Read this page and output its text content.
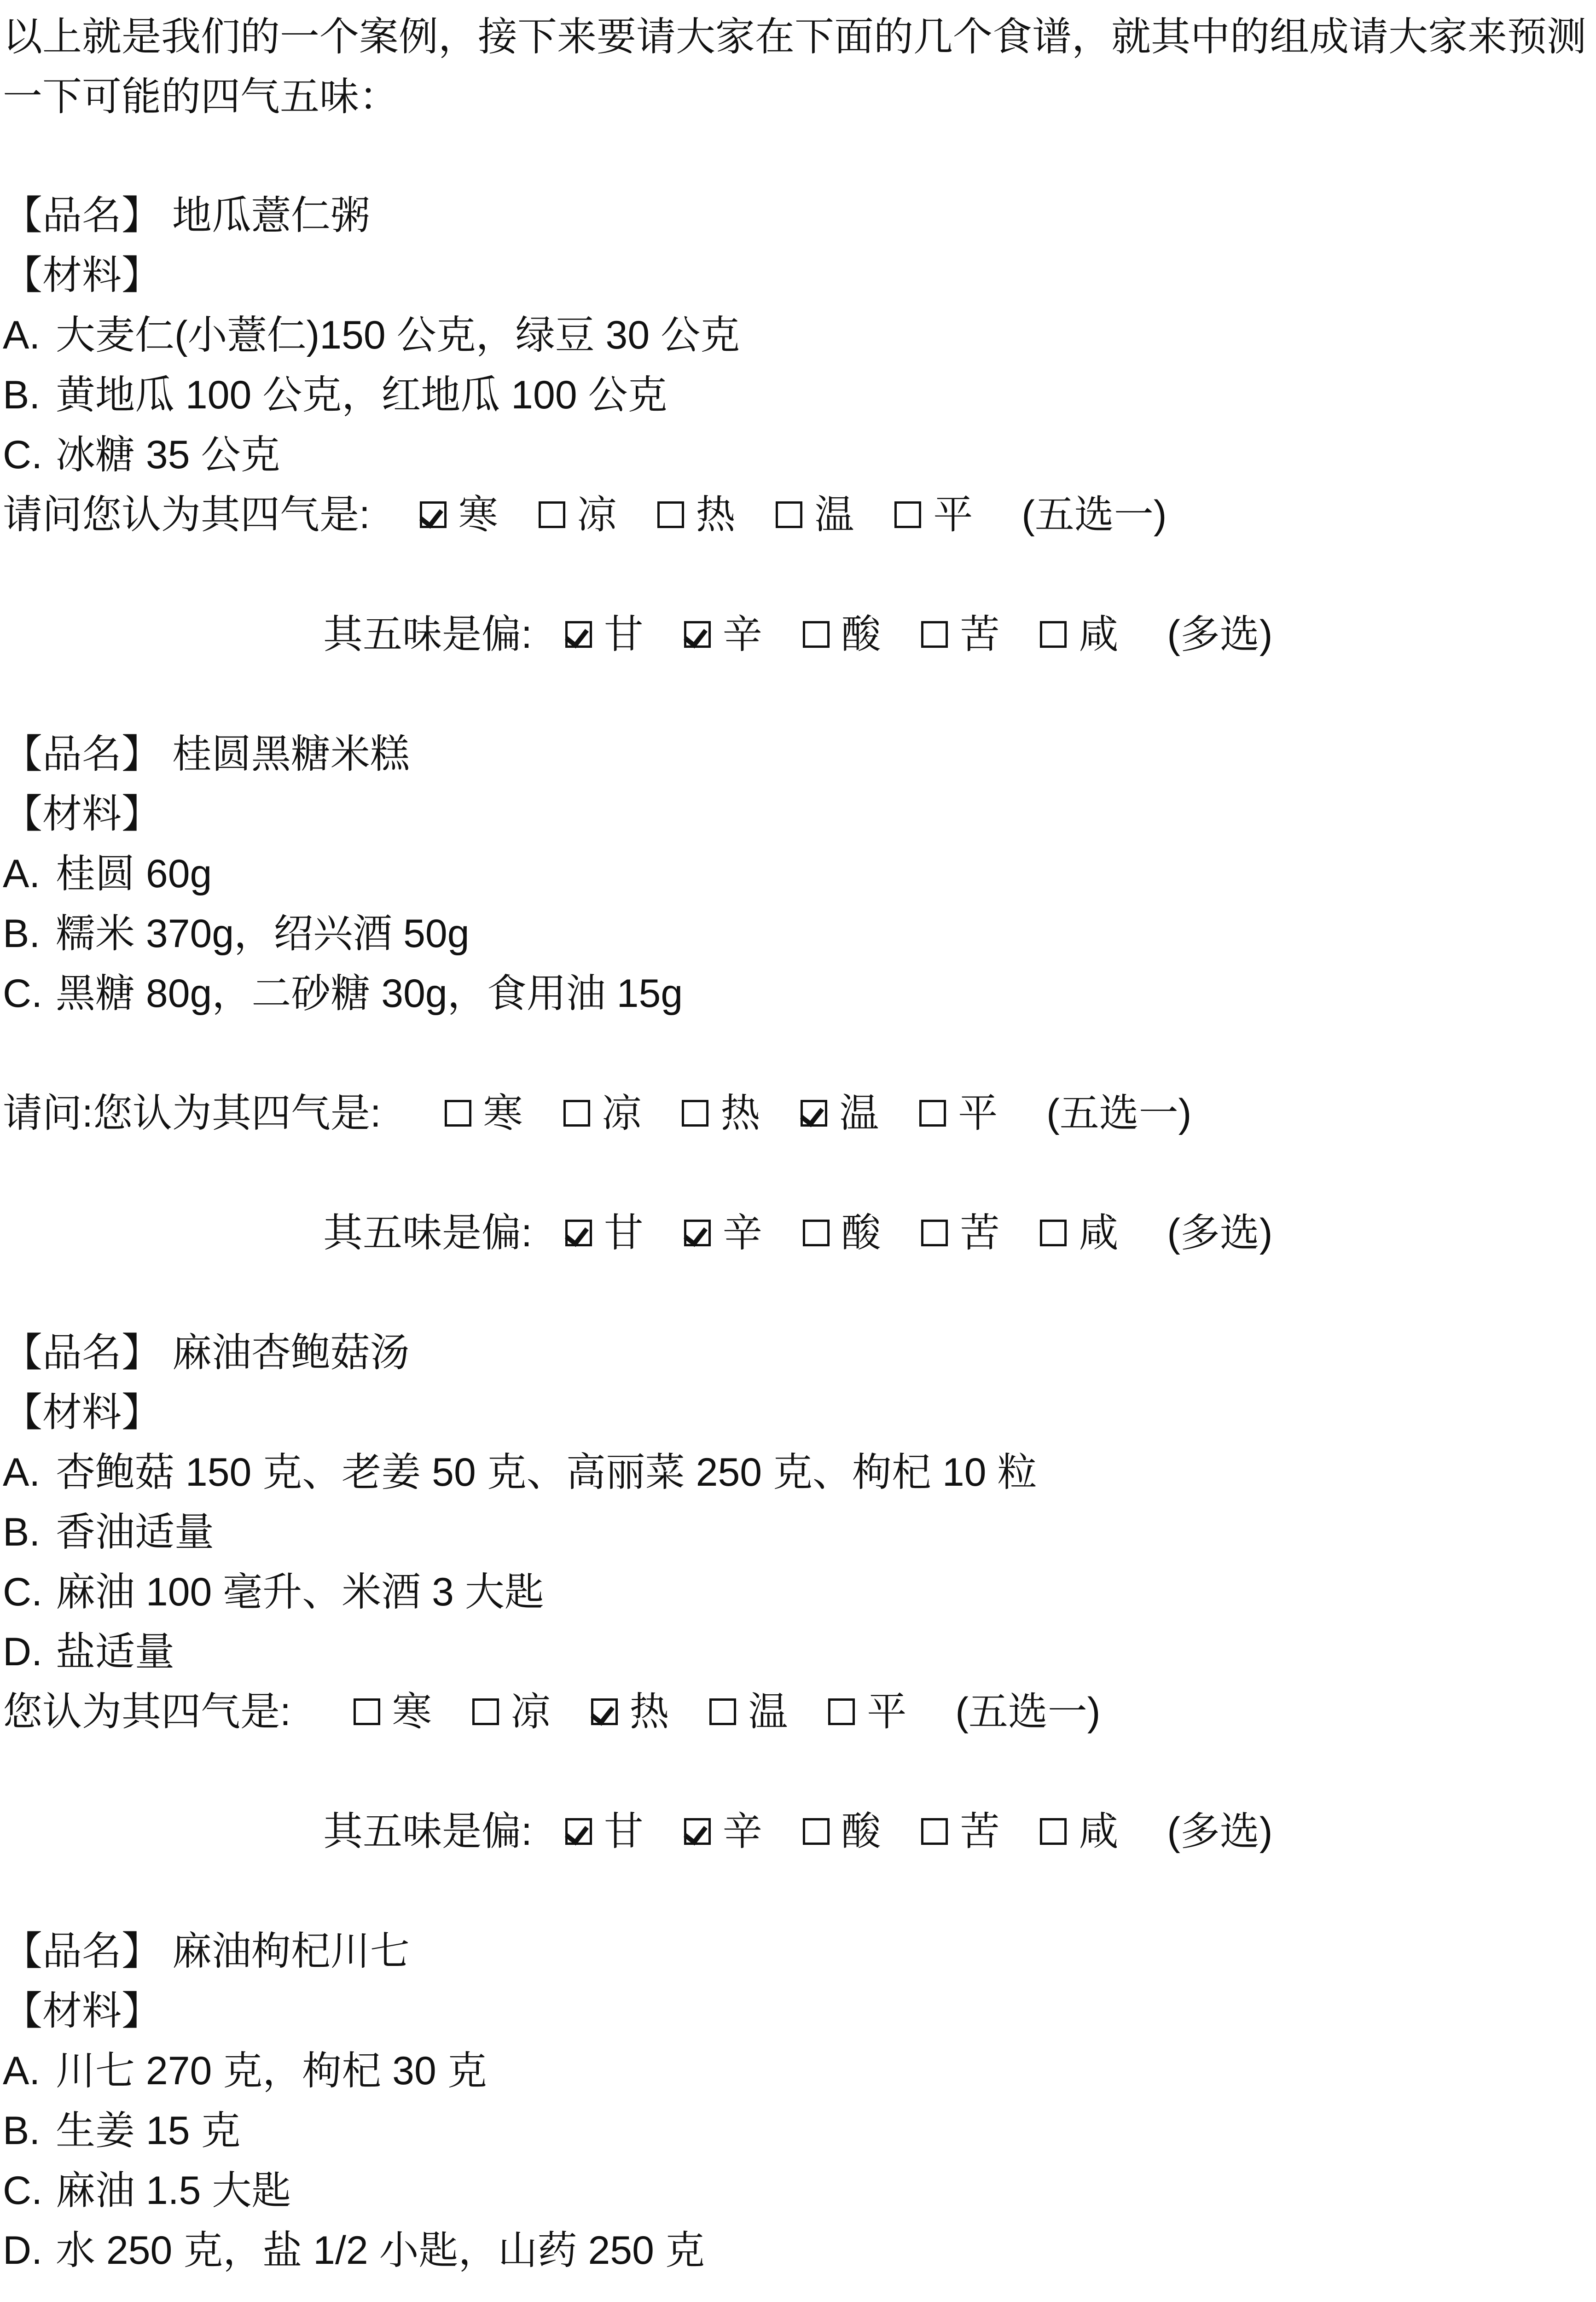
以上就是我们的一个案例，接下来要请大家在下面的几个食谱，就其中的组成请大家来预测
一下可能的四气五味：
【品名】 地瓜薏仁粥
【材料】
A. 大麦仁(小薏仁)150 公克，绿豆 30 公克
B. 黄地瓜 100 公克，红地瓜 100 公克
C. 冰糖 35 公克
请问您认为其四气是: 寒
凉
热
温
平 (五选一)
其五味是偏: 甘
辛
酸
苦
咸 (多选)
【品名】 桂圆黑糖米糕
【材料】
A. 桂圆 60g
B. 糯米 370g，绍兴酒 50g
C. 黑糖 80g，二砂糖 30g，食用油 15g
请问:您认为其四气是:	寒
凉
热
温
平 (五选一)
其五味是偏: 甘
辛
酸
苦
咸 (多选)
【品名】 麻油杏鲍菇汤
【材料】
A. 杏鲍菇 150 克、老姜 50 克、高丽菜 250 克、枸杞 10 粒
B. 香油适量
C. 麻油 100 毫升、米酒 3 大匙
D. 盐适量
您认为其四气是:	寒
凉
热
温
平 (五选一)
其五味是偏: 甘
辛
酸
苦
咸 (多选)
【品名】 麻油枸杞川七
【材料】
A. 川七 270 克，枸杞 30 克
B. 生姜 15 克
C. 麻油 1.5 大匙
D. 水 250 克，盐 1/2 小匙，山药 250 克
